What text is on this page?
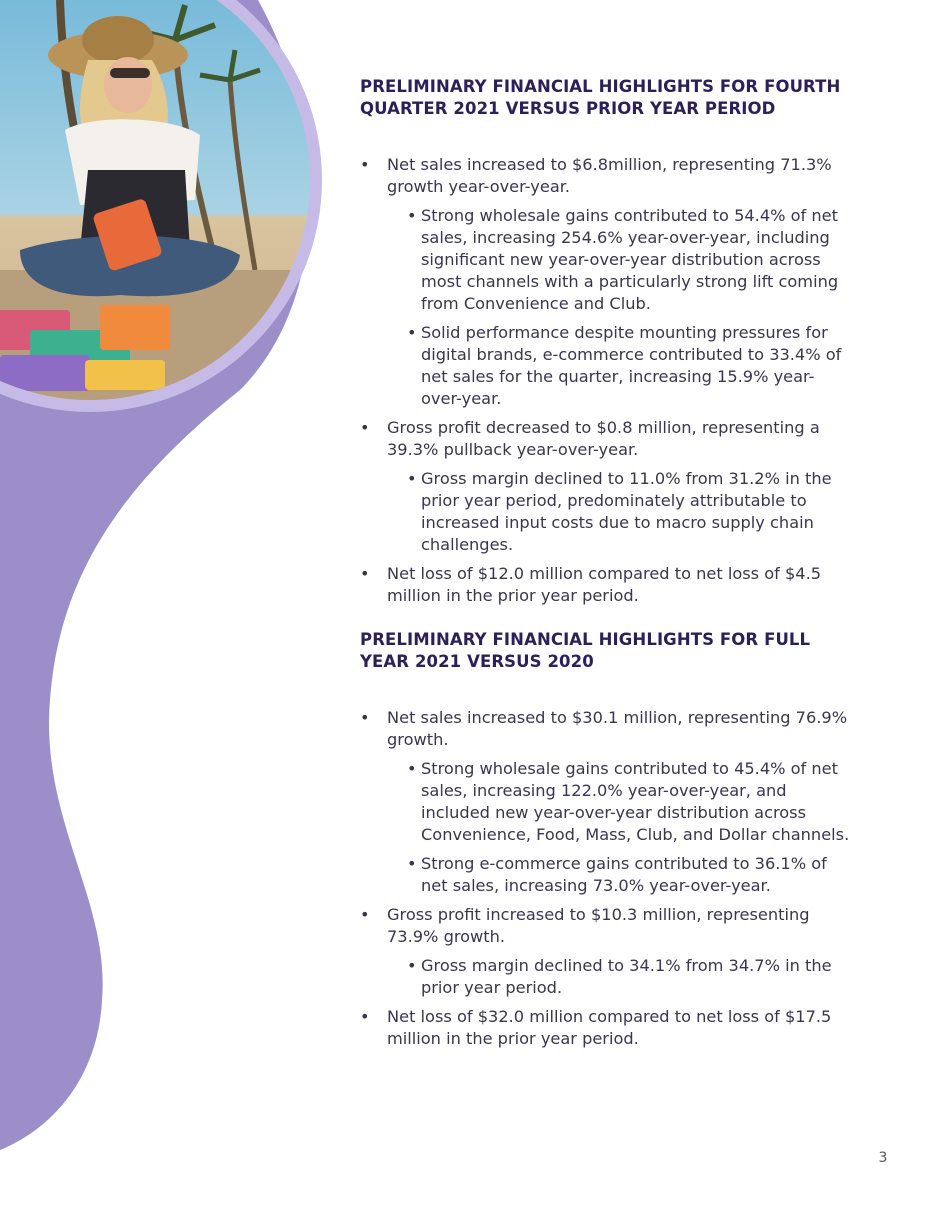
PRELIMINARY FINANCIAL HIGHLIGHTS FOR FOURTH QUARTER 2021 VERSUS PRIOR YEAR PERIOD
• Net sales increased to $6.8million, representing 71.3% growth year-over-year.
• Strong wholesale gains contributed to 54.4% of net sales, increasing 254.6% year-over-year, including significant new year-over-year distribution across most channels with a particularly strong lift coming from Convenience and Club.
• Solid performance despite mounting pressures for digital brands, e-commerce contributed to 33.4% of net sales for the quarter, increasing 15.9% year-over-year.
• Gross profit decreased to $0.8 million, representing a 39.3% pullback year-over-year.
• Gross margin declined to 11.0% from 31.2% in the prior year period, predominately attributable to increased input costs due to macro supply chain challenges.
• Net loss of $12.0 million compared to net loss of $4.5 million in the prior year period.
PRELIMINARY FINANCIAL HIGHLIGHTS FOR FULL YEAR 2021 VERSUS 2020
• Net sales increased to $30.1 million, representing 76.9% growth.
• Strong wholesale gains contributed to 45.4% of net sales, increasing 122.0% year-over-year, and included new year-over-year distribution across Convenience, Food, Mass, Club, and Dollar channels.
• Strong e-commerce gains contributed to 36.1% of net sales, increasing 73.0% year-over-year.
• Gross profit increased to $10.3 million, representing 73.9% growth.
• Gross margin declined to 34.1% from 34.7% in the prior year period.
• Net loss of $32.0 million compared to net loss of $17.5 million in the prior year period.
3
